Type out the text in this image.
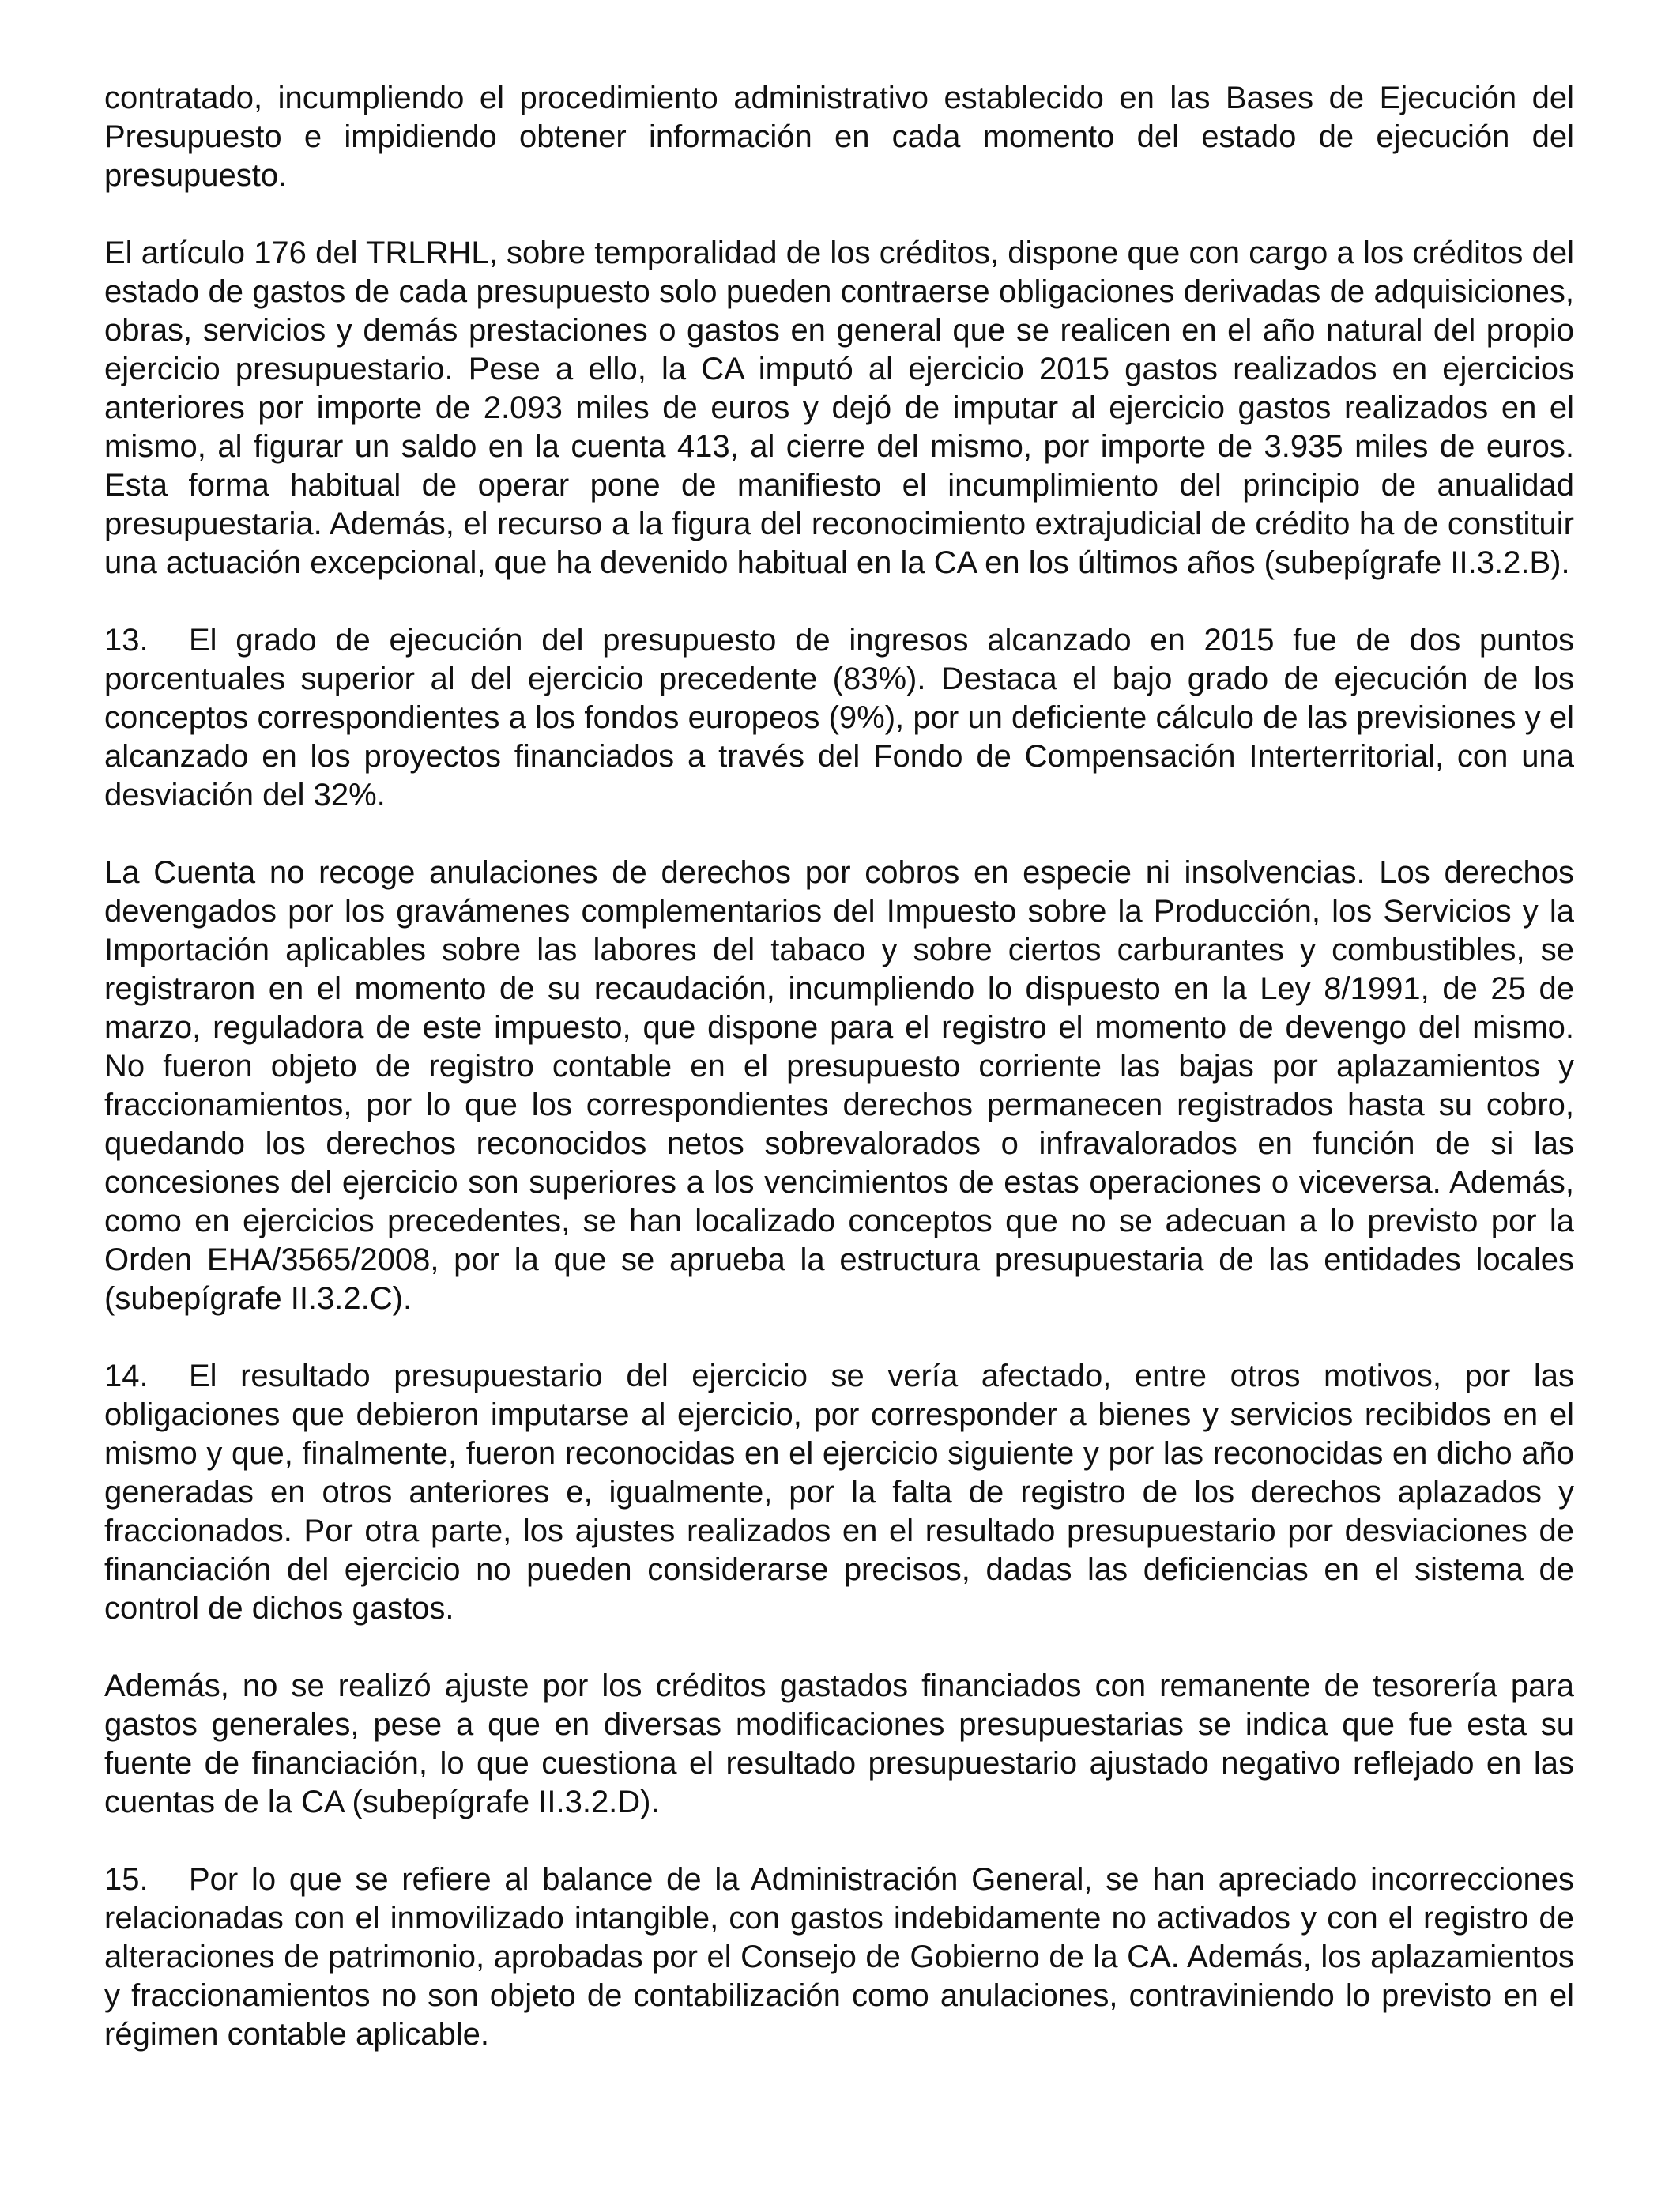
contratado, incumpliendo el procedimiento administrativo establecido en las Bases de Ejecución del Presupuesto e impidiendo obtener información en cada momento del estado de ejecución del presupuesto.

El artículo 176 del TRLRHL, sobre temporalidad de los créditos, dispone que con cargo a los créditos del estado de gastos de cada presupuesto solo pueden contraerse obligaciones derivadas de adquisiciones, obras, servicios y demás prestaciones o gastos en general que se realicen en el año natural del propio ejercicio presupuestario. Pese a ello, la CA imputó al ejercicio 2015 gastos realizados en ejercicios anteriores por importe de 2.093 miles de euros y dejó de imputar al ejercicio gastos realizados en el mismo, al figurar un saldo en la cuenta 413, al cierre del mismo, por importe de 3.935 miles de euros. Esta forma habitual de operar pone de manifiesto el incumplimiento del principio de anualidad presupuestaria. Además, el recurso a la figura del reconocimiento extrajudicial de crédito ha de constituir una actuación excepcional, que ha devenido habitual en la CA en los últimos años (subepígrafe II.3.2.B).

13. El grado de ejecución del presupuesto de ingresos alcanzado en 2015 fue de dos puntos porcentuales superior al del ejercicio precedente (83%). Destaca el bajo grado de ejecución de los conceptos correspondientes a los fondos europeos (9%), por un deficiente cálculo de las previsiones y el alcanzado en los proyectos financiados a través del Fondo de Compensación Interterritorial, con una desviación del 32%.

La Cuenta no recoge anulaciones de derechos por cobros en especie ni insolvencias. Los derechos devengados por los gravámenes complementarios del Impuesto sobre la Producción, los Servicios y la Importación aplicables sobre las labores del tabaco y sobre ciertos carburantes y combustibles, se registraron en el momento de su recaudación, incumpliendo lo dispuesto en la Ley 8/1991, de 25 de marzo, reguladora de este impuesto, que dispone para el registro el momento de devengo del mismo. No fueron objeto de registro contable en el presupuesto corriente las bajas por aplazamientos y fraccionamientos, por lo que los correspondientes derechos permanecen registrados hasta su cobro, quedando los derechos reconocidos netos sobrevalorados o infravalorados en función de si las concesiones del ejercicio son superiores a los vencimientos de estas operaciones o viceversa. Además, como en ejercicios precedentes, se han localizado conceptos que no se adecuan a lo previsto por la Orden EHA/3565/2008, por la que se aprueba la estructura presupuestaria de las entidades locales (subepígrafe II.3.2.C).

14. El resultado presupuestario del ejercicio se vería afectado, entre otros motivos, por las obligaciones que debieron imputarse al ejercicio, por corresponder a bienes y servicios recibidos en el mismo y que, finalmente, fueron reconocidas en el ejercicio siguiente y por las reconocidas en dicho año generadas en otros anteriores e, igualmente, por la falta de registro de los derechos aplazados y fraccionados. Por otra parte, los ajustes realizados en el resultado presupuestario por desviaciones de financiación del ejercicio no pueden considerarse precisos, dadas las deficiencias en el sistema de control de dichos gastos.

Además, no se realizó ajuste por los créditos gastados financiados con remanente de tesorería para gastos generales, pese a que en diversas modificaciones presupuestarias se indica que fue esta su fuente de financiación, lo que cuestiona el resultado presupuestario ajustado negativo reflejado en las cuentas de la CA (subepígrafe II.3.2.D).

15. Por lo que se refiere al balance de la Administración General, se han apreciado incorrecciones relacionadas con el inmovilizado intangible, con gastos indebidamente no activados y con el registro de alteraciones de patrimonio, aprobadas por el Consejo de Gobierno de la CA. Además, los aplazamientos y fraccionamientos no son objeto de contabilización como anulaciones, contraviniendo lo previsto en el régimen contable aplicable.
